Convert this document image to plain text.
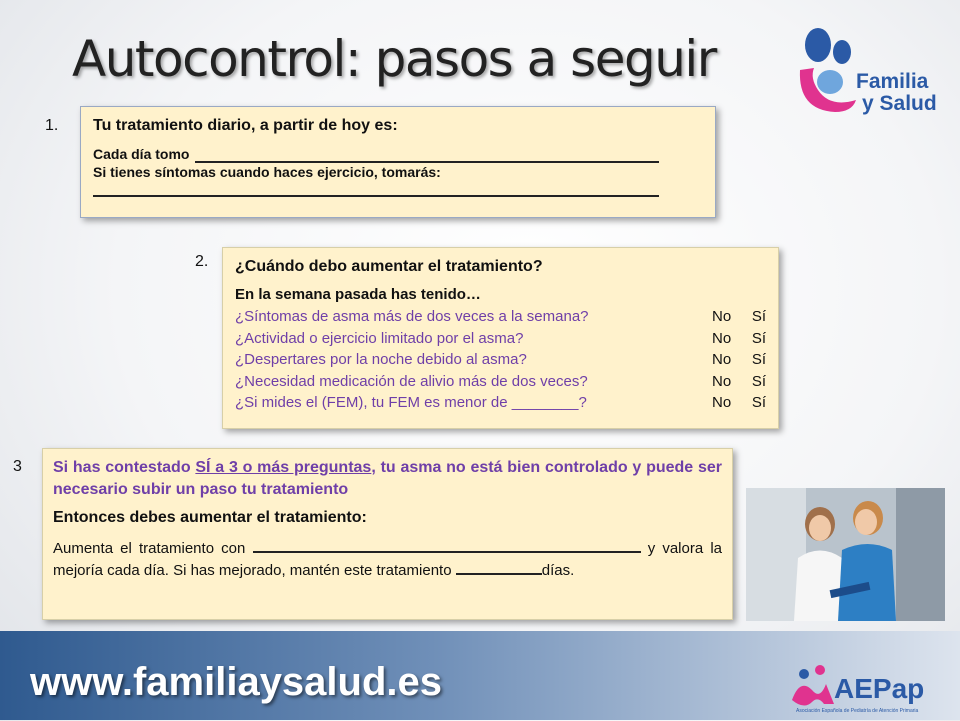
Autocontrol: pasos a seguir	Familia
y Salud
1. Tu tratamiento diario, a partir de hoy es:
Cada día tomo
Si tienes síntomas cuando haces ejercicio, tomarás:
2. ¿Cuándo debo aumentar el tratamiento?
En la semana pasada has tenido…
¿Síntomas de asma más de dos veces a la semana?	No Sí
¿Actividad o ejercicio limitado por el asma?	No Sí
¿Despertares por la noche debido al asma?	No Sí
¿Necesidad medicación de alivio más de dos veces?	No Sí
¿Si mides el (FEM), tu FEM es menor de ________?	No Sí
3 Si has contestado SÍ a 3 o más preguntas, tu asma no está bien controlado y puede ser necesario subir un paso tu tratamiento
Entonces debes aumentar el tratamiento:
Aumenta el tratamiento con	y valora la mejoría cada día. Si has mejorado, mantén este tratamiento	días.
www.familiaysalud.es	AEPap
Asociación Española de Pediatría de Atención Primaria
